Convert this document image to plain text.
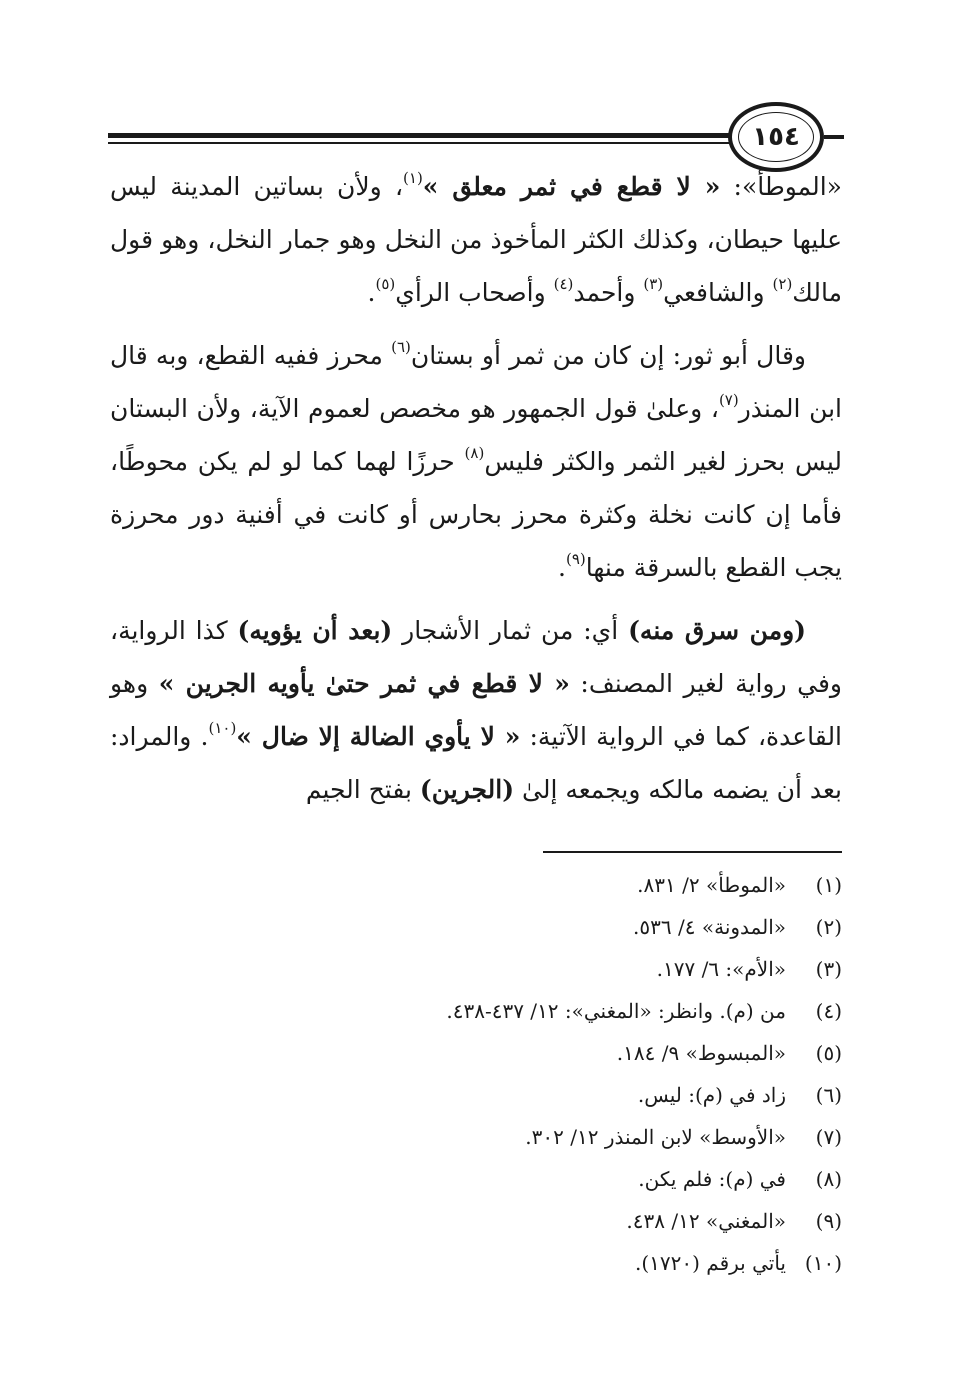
١٥٤

«الموطأ»: « لا قطع في ثمر معلق »$^{(١)}$، ولأن بساتين المدينة ليس عليها حيطان، وكذلك الكثر المأخوذ من النخل وهو جمار النخل، وهو قول مالك$^{(٢)}$ والشافعي$^{(٣)}$ وأحمد$^{(٤)}$ وأصحاب الرأي$^{(٥)}$.

وقال أبو ثور: إن كان من ثمر أو بستان$^{(٦)}$ محرز ففيه القطع، وبه قال ابن المنذر$^{(٧)}$، وعلىٰ قول الجمهور هو مخصص لعموم الآية، ولأن البستان ليس بحرز لغير الثمر والكثر فليس$^{(٨)}$ حرزًا لهما كما لو لم يكن محوطًا، فأما إن كانت نخلة وكثرة محرز بحارس أو كانت في أفنية دور محرزة يجب القطع بالسرقة منها$^{(٩)}$.

(ومن سرق منه) أي: من ثمار الأشجار (بعد أن يؤويه) كذا الرواية، وفي رواية لغير المصنف: « لا قطع في ثمر حتىٰ يأويه الجرين » وهو القاعدة، كما في الرواية الآتية: « لا يأوي الضالة إلا ضال »$^{(١٠)}$. والمراد: بعد أن يضمه مالكه ويجمعه إلىٰ (الجرين) بفتح الجيم

(١)
«الموطأ» ٢/ ٨٣١.
(٢)
«المدونة» ٤/ ٥٣٦.
(٣)
«الأم»: ٦/ ١٧٧.
(٤)
من (م). وانظر: «المغني»: ١٢/ ٤٣٧-٤٣٨.
(٥)
«المبسوط» ٩/ ١٨٤.
(٦)
زاد في (م): ليس.
(٧)
«الأوسط» لابن المنذر ١٢/ ٣٠٢.
(٨)
في (م): فلم يكن.
(٩)
«المغني» ١٢/ ٤٣٨.
(١٠)
يأتي برقم (١٧٢٠).
